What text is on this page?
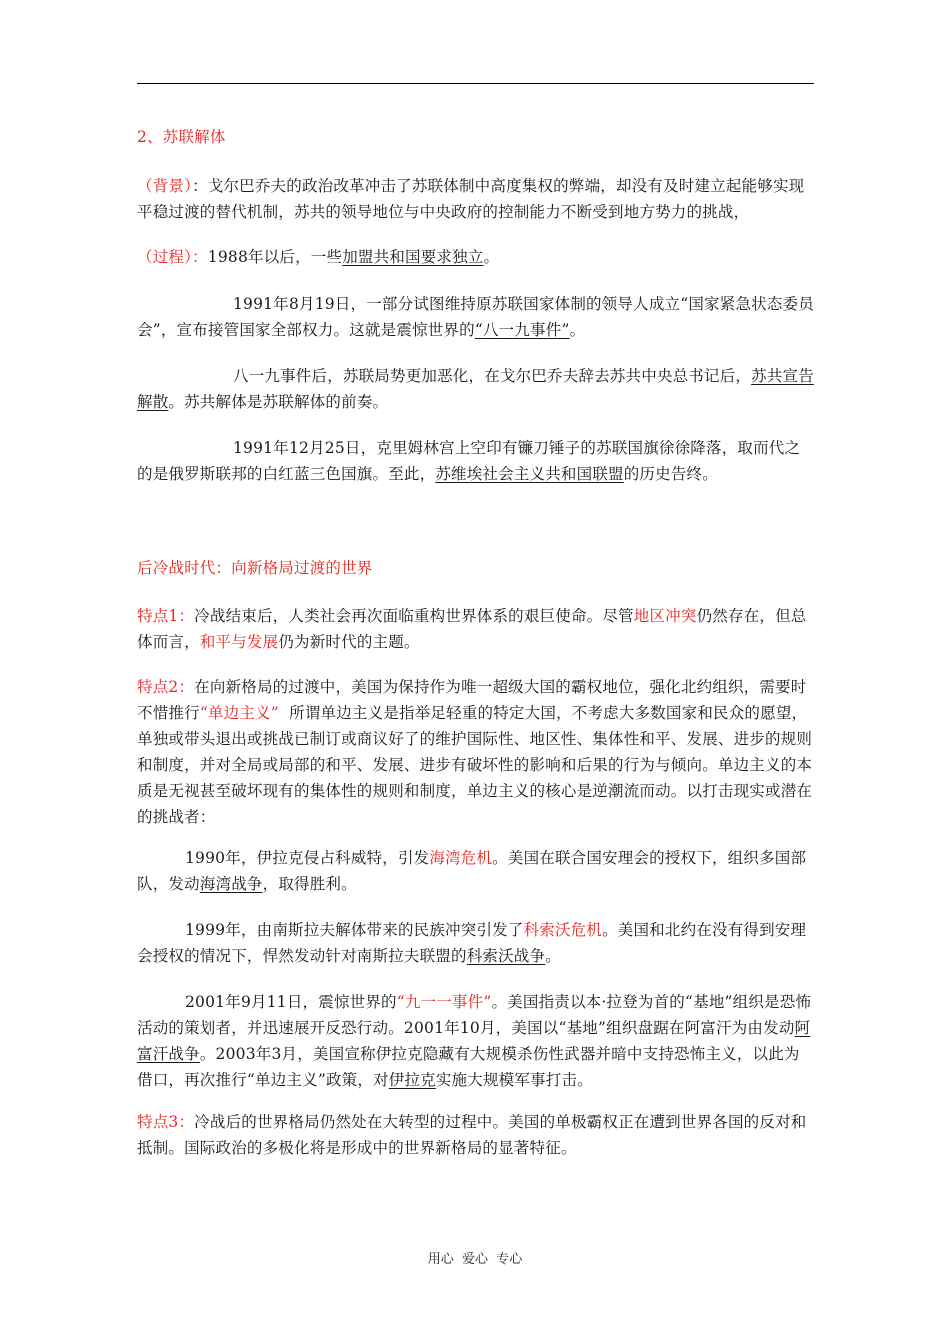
2、苏联解体

（背景）：戈尔巴乔夫的政治改革冲击了苏联体制中高度集权的弊端，却没有及时建立起能够实现平稳过渡的替代机制，苏共的领导地位与中央政府的控制能力不断受到地方势力的挑战，

（过程）：1988年以后，一些加盟共和国要求独立。

1991年8月19日，一部分试图维持原苏联国家体制的领导人成立“国家紧急状态委员会”，宣布接管国家全部权力。这就是震惊世界的“八一九事件”。

八一九事件后，苏联局势更加恶化，在戈尔巴乔夫辞去苏共中央总书记后，苏共宣告解散。苏共解体是苏联解体的前奏。

1991年12月25日，克里姆林宫上空印有镰刀锤子的苏联国旗徐徐降落，取而代之的是俄罗斯联邦的白红蓝三色国旗。至此，苏维埃社会主义共和国联盟的历史告终。

后冷战时代：向新格局过渡的世界

特点1：冷战结束后，人类社会再次面临重构世界体系的艰巨使命。尽管地区冲突仍然存在，但总体而言，和平与发展仍为新时代的主题。

特点2：在向新格局的过渡中，美国为保持作为唯一超级大国的霸权地位，强化北约组织，需要时不惜推行“单边主义”  所谓单边主义是指举足轻重的特定大国，不考虑大多数国家和民众的愿望，单独或带头退出或挑战已制订或商议好了的维护国际性、地区性、集体性和平、发展、进步的规则和制度，并对全局或局部的和平、发展、进步有破坏性的影响和后果的行为与倾向。单边主义的本质是无视甚至破坏现有的集体性的规则和制度，单边主义的核心是逆潮流而动。以打击现实或潜在的挑战者：

1990年，伊拉克侵占科威特，引发海湾危机。美国在联合国安理会的授权下，组织多国部队，发动海湾战争，取得胜利。

1999年，由南斯拉夫解体带来的民族冲突引发了科索沃危机。美国和北约在没有得到安理会授权的情况下，悍然发动针对南斯拉夫联盟的科索沃战争。

2001年9月11日，震惊世界的“九一一事件”。美国指责以本·拉登为首的“基地”组织是恐怖活动的策划者，并迅速展开反恐行动。2001年10月，美国以“基地”组织盘踞在阿富汗为由发动阿富汗战争。2003年3月，美国宣称伊拉克隐藏有大规模杀伤性武器并暗中支持恐怖主义，以此为借口，再次推行“单边主义”政策，对伊拉克实施大规模军事打击。

特点3：冷战后的世界格局仍然处在大转型的过程中。美国的单极霸权正在遭到世界各国的反对和抵制。国际政治的多极化将是形成中的世界新格局的显著特征。

用心  爱心  专心
